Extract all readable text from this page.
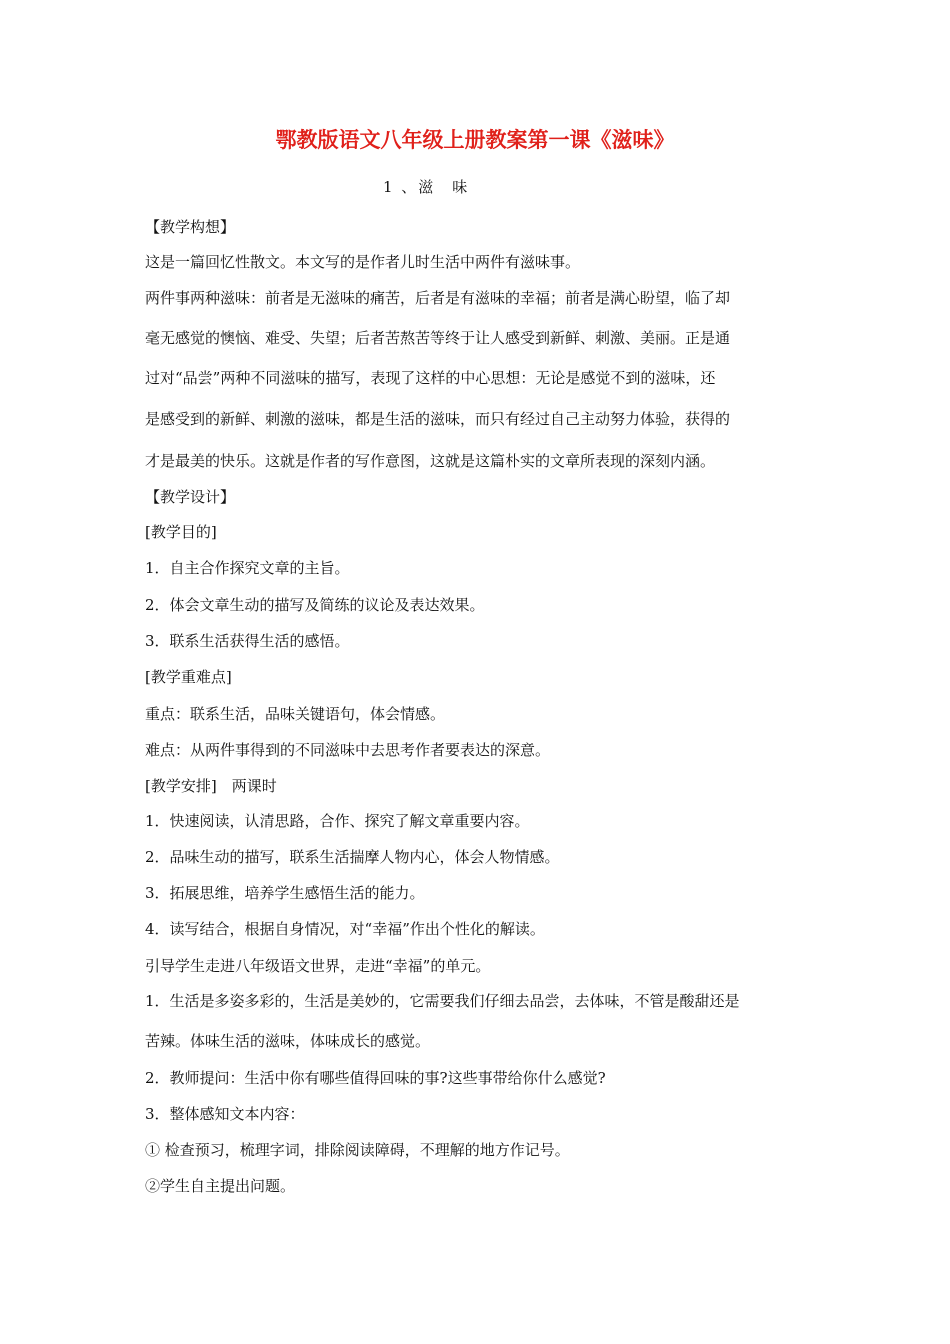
鄂教版语文八年级上册教案第一课《滋味》
1 、滋　味
【教学构想】
这是一篇回忆性散文。本文写的是作者儿时生活中两件有滋味事。
两件事两种滋味：前者是无滋味的痛苦，后者是有滋味的幸福；前者是满心盼望，临了却
毫无感觉的懊恼、难受、失望；后者苦熬苦等终于让人感受到新鲜、刺激、美丽。正是通
过对“品尝”两种不同滋味的描写，表现了这样的中心思想：无论是感觉不到的滋味，还
是感受到的新鲜、刺激的滋味，都是生活的滋味，而只有经过自己主动努力体验，获得的
才是最美的快乐。这就是作者的写作意图，这就是这篇朴实的文章所表现的深刻内涵。
【教学设计】
[教学目的]
1．自主合作探究文章的主旨。
2．体会文章生动的描写及简练的议论及表达效果。
3．联系生活获得生活的感悟。
[教学重难点]
重点：联系生活，品味关键语句，体会情感。
难点：从两件事得到的不同滋味中去思考作者要表达的深意。
[教学安排]　两课时
1．快速阅读，认清思路，合作、探究了解文章重要内容。
2．品味生动的描写，联系生活揣摩人物内心，体会人物情感。
3．拓展思维，培养学生感悟生活的能力。
4．读写结合，根据自身情况，对“幸福”作出个性化的解读。
引导学生走进八年级语文世界，走进“幸福”的单元。
1．生活是多姿多彩的，生活是美妙的，它需要我们仔细去品尝，去体味，不管是酸甜还是
苦辣。体味生活的滋味，体味成长的感觉。
2．教师提问：生活中你有哪些值得回味的事?这些事带给你什么感觉?
3．整体感知文本内容：
① 检查预习，梳理字词，排除阅读障碍，不理解的地方作记号。
②学生自主提出问题。
